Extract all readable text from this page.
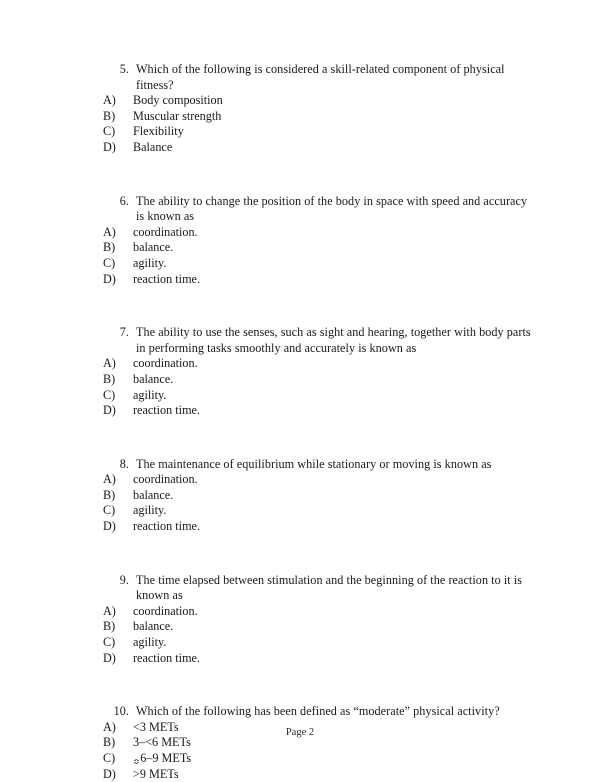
5. Which of the following is considered a skill-related component of physical fitness?
A)	Body composition
B)	Muscular strength
C)	Flexibility
D)	Balance
6. The ability to change the position of the body in space with speed and accuracy is known as
A)	coordination.
B)	balance.
C)	agility.
D)	reaction time.
7. The ability to use the senses, such as sight and hearing, together with body parts in performing tasks smoothly and accurately is known as
A)	coordination.
B)	balance.
C)	agility.
D)	reaction time.
8. The maintenance of equilibrium while stationary or moving is known as
A)	coordination.
B)	balance.
C)	agility.
D)	reaction time.
9. The time elapsed between stimulation and the beginning of the reaction to it is known as
A)	coordination.
B)	balance.
C)	agility.
D)	reaction time.
10. Which of the following has been defined as “moderate” physical activity?
A)	<3 METs
B)	3–<6 METs
C)	≎6–9 METs
D)	>9 METs
Page 2
